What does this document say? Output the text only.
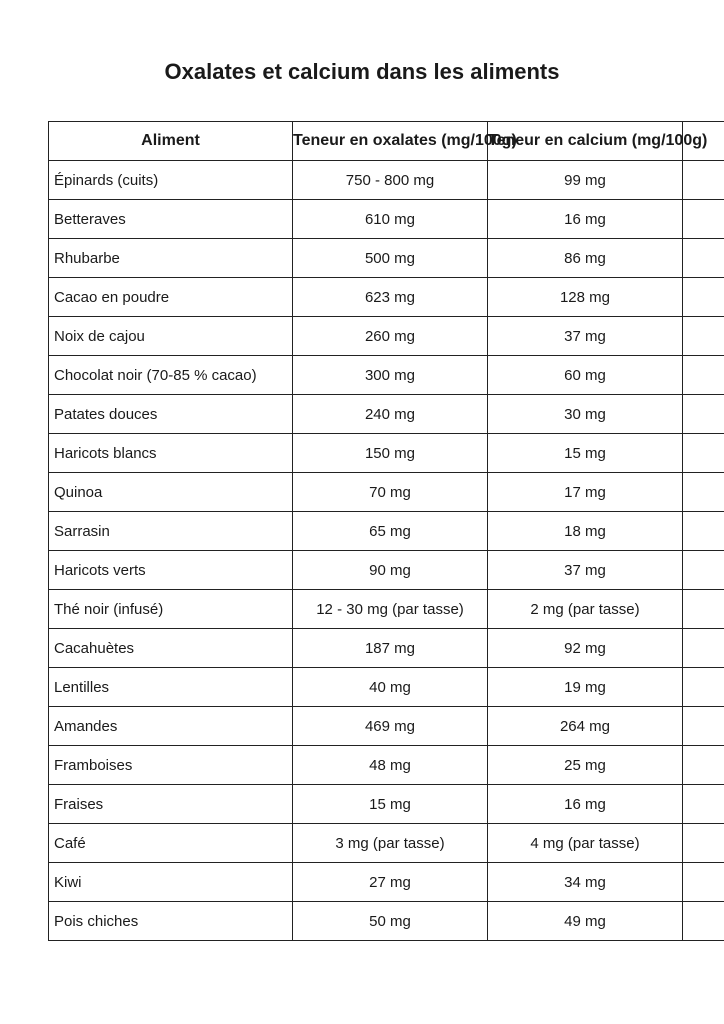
Oxalates et calcium dans les aliments
Aliment	Teneur en oxalates (mg/100g)	Teneur en calcium (mg/100g)	
Épinards (cuits)	750 - 800 mg	99 mg	
Betteraves	610 mg	16 mg	
Rhubarbe	500 mg	86 mg	
Cacao en poudre	623 mg	128 mg	
Noix de cajou	260 mg	37 mg	
Chocolat noir (70-85 % cacao)	300 mg	60 mg	
Patates douces	240 mg	30 mg	
Haricots blancs	150 mg	15 mg	
Quinoa	70 mg	17 mg	
Sarrasin	65 mg	18 mg	
Haricots verts	90 mg	37 mg	
Thé noir (infusé)	12 - 30 mg (par tasse)	2 mg (par tasse)	
Cacahuètes	187 mg	92 mg	
Lentilles	40 mg	19 mg	
Amandes	469 mg	264 mg	
Framboises	48 mg	25 mg	
Fraises	15 mg	16 mg	
Café	3 mg (par tasse)	4 mg (par tasse)	
Kiwi	27 mg	34 mg	
Pois chiches	50 mg	49 mg	
